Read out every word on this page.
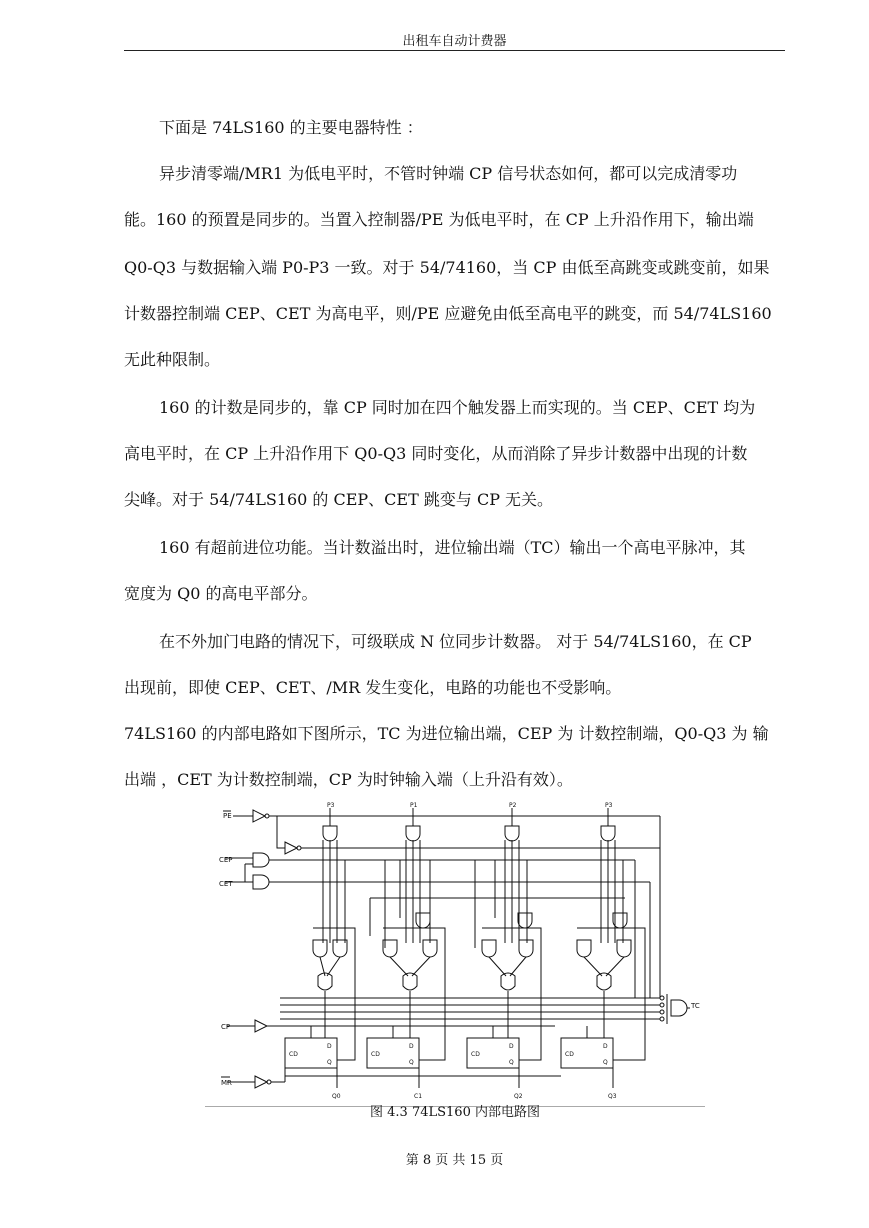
出租车自动计费器
下面是 74LS160 的主要电器特性 ：
异步清零端/MR1 为低电平时，不管时钟端 CP 信号状态如何，都可以完成清零功
能。160 的预置是同步的。当置入控制器/PE 为低电平时，在 CP 上升沿作用下，输出端
Q0-Q3 与数据输入端 P0-P3 一致。对于 54/74160，当 CP 由低至高跳变或跳变前，如果
计数器控制端 CEP、CET 为高电平，则/PE 应避免由低至高电平的跳变，而 54/74LS160
无此种限制。
160 的计数是同步的，靠 CP 同时加在四个触发器上而实现的。当 CEP、CET 均为
高电平时，在 CP 上升沿作用下 Q0-Q3 同时变化，从而消除了异步计数器中出现的计数
尖峰。对于 54/74LS160 的 CEP、CET 跳变与 CP 无关。
160 有超前进位功能。当计数溢出时，进位输出端（TC）输出一个高电平脉冲，其
宽度为 Q0 的高电平部分。
在不外加门电路的情况下，可级联成 N 位同步计数器。 对于 54/74LS160，在 CP
出现前，即使 CEP、CET、/MR 发生变化，电路的功能也不受影响。
74LS160 的内部电路如下图所示，TC 为进位输出端，CEP 为 计数控制端，Q0-Q3 为 输
出端 ，CET 为计数控制端，CP 为时钟输入端（上升沿有效）。
PE
CEP
CET
CP
MR
TC
P3	P1	P2	P3
CD
D
Q
CD
D
Q
CD
D
Q
CD
D
Q
Q0	C1	Q2	Q3
图 4.3 74LS160 内部电路图
第 8 页 共 15 页
